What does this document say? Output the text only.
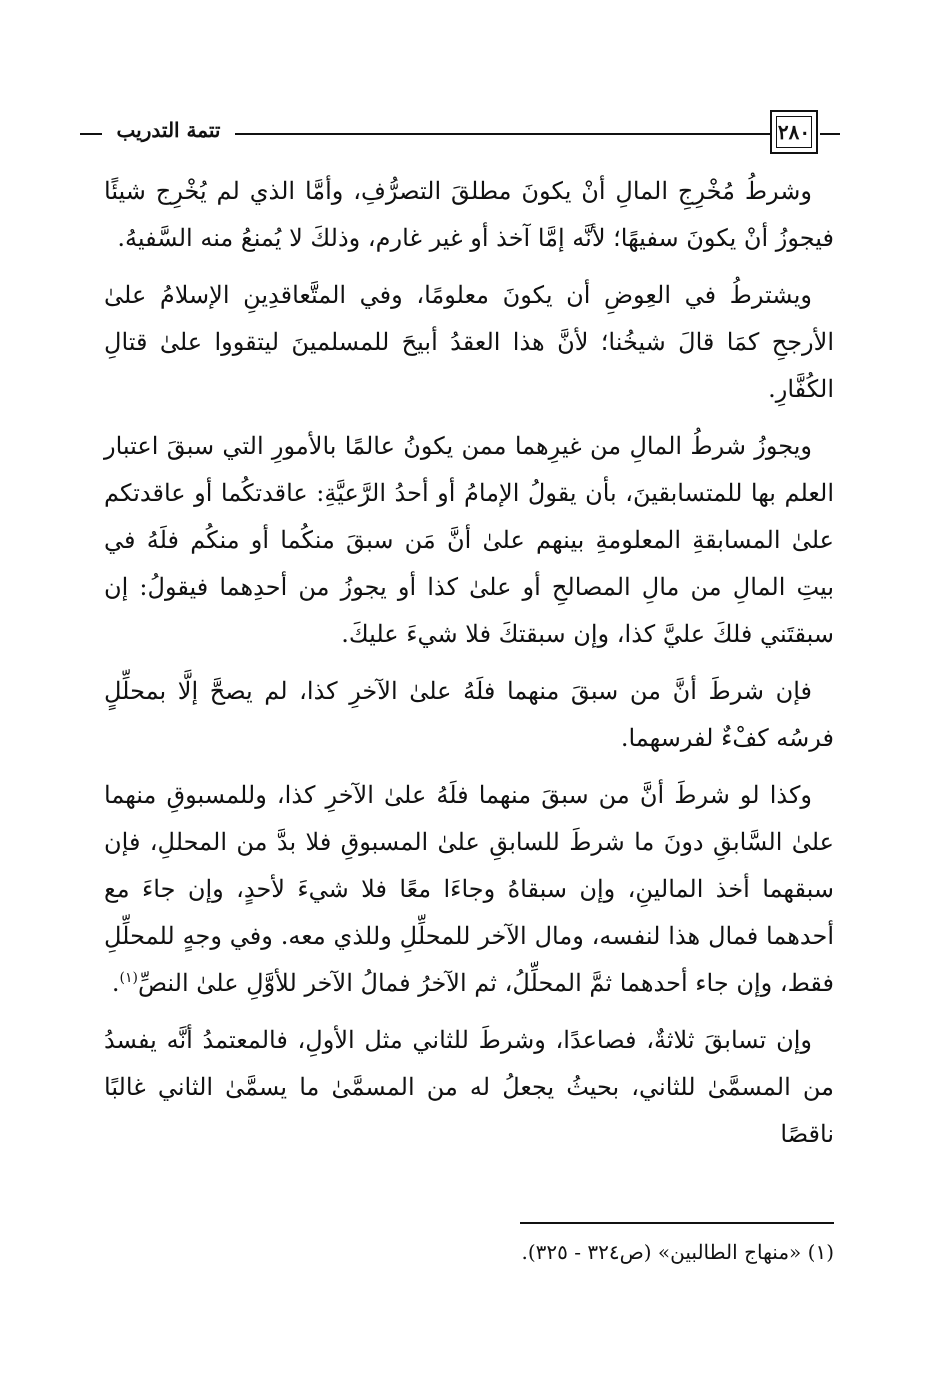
تتمة التدريب	٢٨٠

وشرطُ مُخْرِجِ المالِ أنْ يكونَ مطلقَ التصرُّفِ، وأمَّا الذي لم يُخْرِج شيئًا فيجوزُ أنْ يكونَ سفيهًا؛ لأنَّه إمَّا آخذ أو غير غارم، وذلكَ لا يُمنعُ منه السَّفيهُ.

ويشترطُ في العِوضِ أن يكونَ معلومًا، وفي المتَّعاقدِينِ الإسلامُ علىٰ الأرجحِ كمَا قالَ شيخُنا؛ لأنَّ هذا العقدُ أبيحَ للمسلمينَ ليتقووا علىٰ قتالِ الكُفَّارِ.

ويجوزُ شرطُ المالِ من غيرِهما ممن يكونُ عالمًا بالأمورِ التي سبقَ اعتبار العلم بها للمتسابقينَ، بأن يقولُ الإمامُ أو أحدُ الرَّعيَّةِ: عاقدتكُما أو عاقدتكم علىٰ المسابقةِ المعلومةِ بينهم علىٰ أنَّ مَن سبقَ منكُما أو منكُم فلَهُ في بيتِ المالِ من مالِ المصالحِ أو علىٰ كذا أو يجوزُ من أحدِهما فيقولُ: إن سبقتَني فلكَ عليَّ كذا، وإن سبقتكَ فلا شيءَ عليكَ.

فإن شرطَ أنَّ من سبقَ منهما فلَهُ علىٰ الآخرِ كذا، لم يصحَّ إلَّا بمحلِّلٍ فرسُه كفْءٌ لفرسهما.

وكذا لو شرطَ أنَّ من سبقَ منهما فلَهُ علىٰ الآخرِ كذا، وللمسبوقِ منهما علىٰ السَّابقِ دونَ ما شرطَ للسابقِ علىٰ المسبوقِ فلا بدَّ من المحللِ، فإن سبقهما أخذ المالينِ، وإن سبقاهُ وجاءَا معًا فلا شيءَ لأحدٍ، وإن جاءَ مع أحدهما فمال هذا لنفسه، ومال الآخر للمحلِّلِ وللذي معه. وفي وجهٍ للمحلِّلِ فقط، وإن جاء أحدهما ثمَّ المحلِّلُ، ثم الآخرُ فمالُ الآخر للأوَّلِ علىٰ النصِّ$^{(١)}$.

وإن تسابقَ ثلاثةٌ، فصاعدًا، وشرطَ للثاني مثل الأولِ، فالمعتمدُ أنَّه يفسدُ من المسمَّىٰ للثاني، بحيثُ يجعلُ له من المسمَّىٰ ما يسمَّىٰ الثاني غالبًا ناقصًا

(١) «منهاج الطالبين» (ص٣٢٤ - ٣٢٥).
